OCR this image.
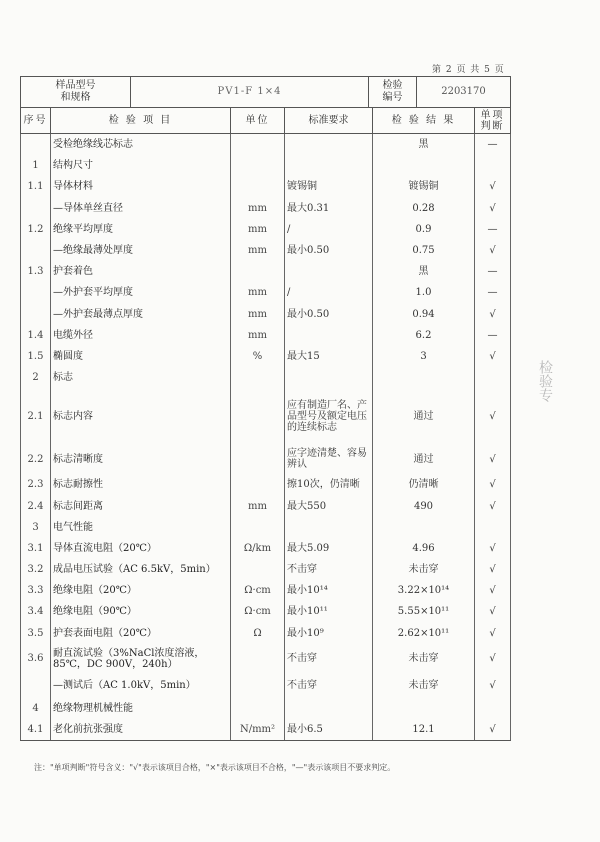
第 2 页 共 5 页
样品型号
和规格	PV1-F 1×4	检验
编号	2203170
序号	检 验 项 目	单位	标准要求	检 验 结 果	单项
判断
	受检绝缘线芯标志			黑	—
1	结构尺寸				
1.1	导体材料		镀锡铜	镀锡铜	√
	—导体单丝直径	mm	最大0.31	0.28	√
1.2	绝缘平均厚度	mm	/	0.9	—
	—绝缘最薄处厚度	mm	最小0.50	0.75	√
1.3	护套着色			黑	—
	—外护套平均厚度	mm	/	1.0	—
	—外护套最薄点厚度	mm	最小0.50	0.94	√
1.4	电缆外径	mm		6.2	—
1.5	椭圆度	%	最大15	3	√
2	标志				
2.1	标志内容		应有制造厂名、产品型号及额定电压的连续标志	通过	√
2.2	标志清晰度		应字迹清楚、容易辨认	通过	√
2.3	标志耐擦性		擦10次，仍清晰	仍清晰	√
2.4	标志间距离	mm	最大550	490	√
3	电气性能				
3.1	导体直流电阻（20℃）	Ω/km	最大5.09	4.96	√
3.2	成品电压试验（AC 6.5kV，5min）		不击穿	未击穿	√
3.3	绝缘电阻（20℃）	Ω·cm	最小10¹⁴	3.22×10¹⁴	√
3.4	绝缘电阻（90℃）	Ω·cm	最小10¹¹	5.55×10¹¹	√
3.5	护套表面电阻（20℃）	Ω	最小10⁹	2.62×10¹¹	√
3.6	耐直流试验（3%NaCl浓度溶液，85℃，DC 900V，240h）		不击穿	未击穿	√
	—测试后（AC 1.0kV，5min）		不击穿	未击穿	√
4	绝缘物理机械性能				
4.1	老化前抗张强度	N/mm²	最小6.5	12.1	√
检验专
注："单项判断"符号含义："√"表示该项目合格，"×"表示该项目不合格，"—"表示该项目不要求判定。
